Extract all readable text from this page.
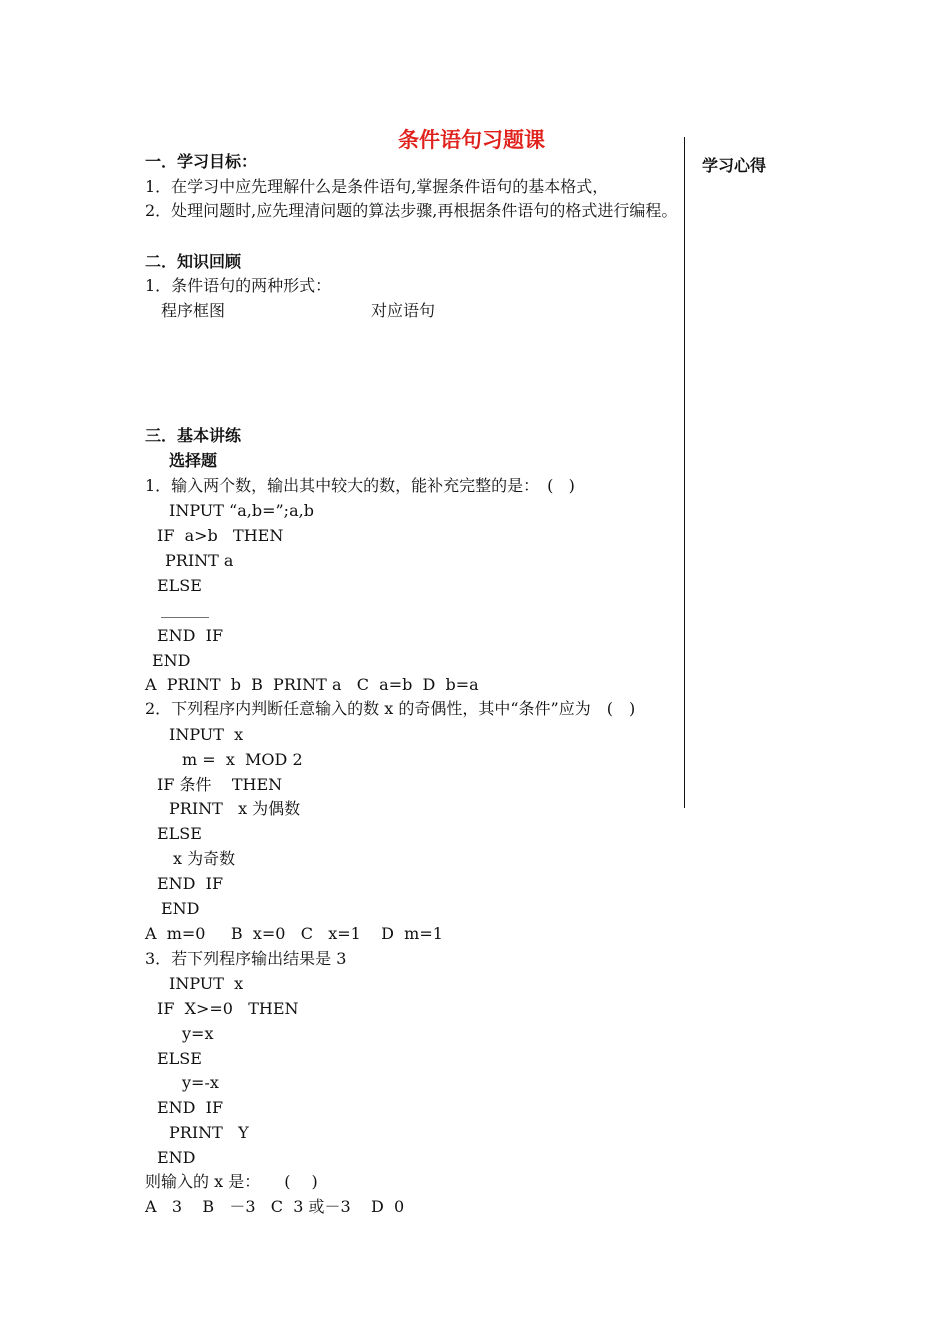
条件语句习题课
学习心得
一．学习目标：
1．在学习中应先理解什么是条件语句,掌握条件语句的基本格式，
2．处理问题时,应先理清问题的算法步骤,再根据条件语句的格式进行编程。
二．知识回顾
1．条件语句的两种形式：
程序框图	对应语句
三．基本讲练
选择题
1．输入两个数，输出其中较大的数，能补充完整的是：　(   )
INPUT “a,b=”;a,b
IF  a>b   THEN
PRINT a
ELSE
______
END  IF
END
A  PRINT  b  B  PRINT a   C  a=b  D  b=a
2．下列程序内判断任意输入的数 x 的奇偶性，其中“条件”应为　(　)
INPUT  x
m =  x  MOD 2
IF 条件    THEN
PRINT   x 为偶数
ELSE
x 为奇数
END  IF
END
A  m=0     B  x=0   C   x=1    D  m=1
3．若下列程序输出结果是 3
INPUT  x
IF  X>=0   THEN
y=x
ELSE
y=-x
END  IF
PRINT   Y
END
则输入的 x 是：　　(　 )
A   3    B   －3   C  3 或－3    D  0
